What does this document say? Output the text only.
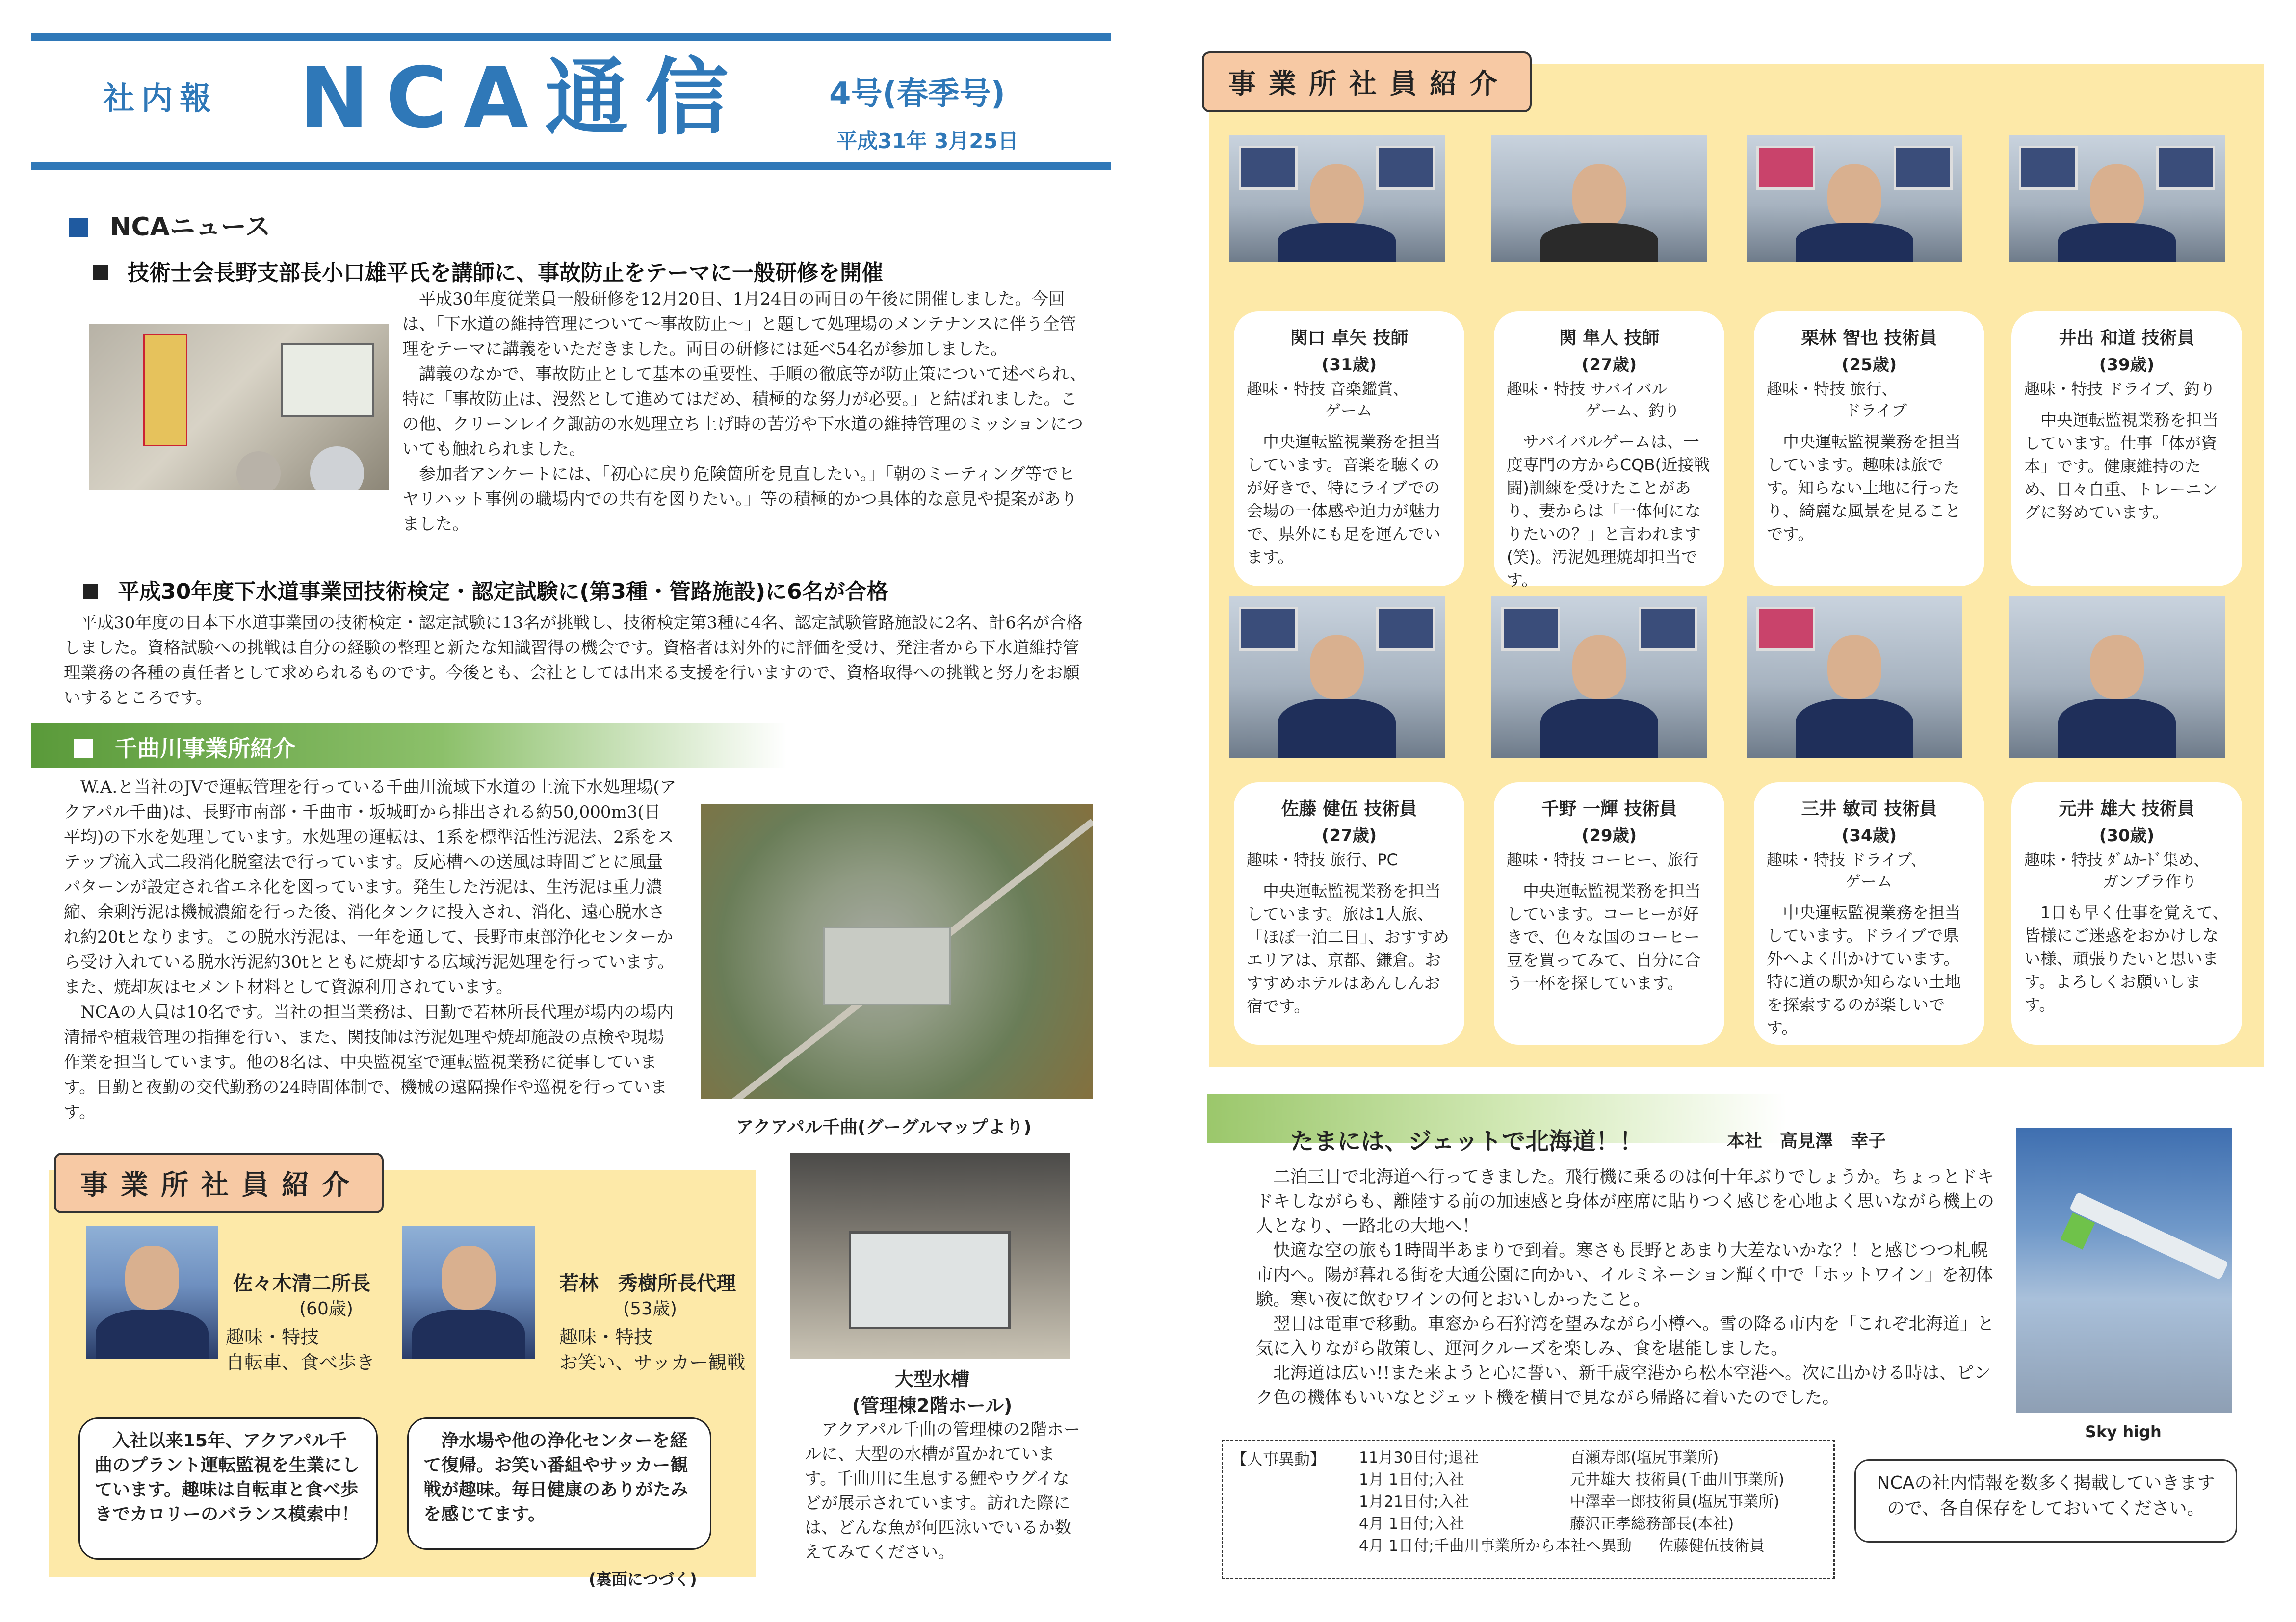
社内報 NCA通信	4号(春季号)
平成31年 3月25日
NCAニュース
技術士会長野支部長小口雄平氏を講師に、事故防止をテーマに一般研修を開催
　平成30年度従業員一般研修を12月20日、1月24日の両日の午後に開催しました。今回は、「下水道の維持管理について〜事故防止〜」と題して処理場のメンテナンスに伴う全管理をテーマに講義をいただきました。両日の研修には延べ54名が参加しました。
　講義のなかで、事故防止として基本の重要性、手順の徹底等が防止策について述べられ、特に「事故防止は、漫然として進めてはだめ、積極的な努力が必要。」と結ばれました。この他、クリーンレイク諏訪の水処理立ち上げ時の苦労や下水道の維持管理のミッションについても触れられました。
　参加者アンケートには、「初心に戻り危険箇所を見直したい。」「朝のミーティング等でヒヤリハット事例の職場内での共有を図りたい。」等の積極的かつ具体的な意見や提案がありました。
平成30年度下水道事業団技術検定・認定試験に(第3種・管路施設)に6名が合格
　平成30年度の日本下水道事業団の技術検定・認定試験に13名が挑戦し、技術検定第3種に4名、認定試験管路施設に2名、計6名が合格しました。資格試験への挑戦は自分の経験の整理と新たな知識習得の機会です。資格者は対外的に評価を受け、発注者から下水道維持管理業務の各種の責任者として求められるものです。今後とも、会社としては出来る支援を行いますので、資格取得への挑戦と努力をお願いするところです。
千曲川事業所紹介
　W.A.と当社のJVで運転管理を行っている千曲川流域下水道の上流下水処理場(アクアパル千曲)は、長野市南部・千曲市・坂城町から排出される約50,000m3(日平均)の下水を処理しています。水処理の運転は、1系を標準活性汚泥法、2系をステップ流入式二段消化脱窒法で行っています。反応槽への送風は時間ごとに風量パターンが設定され省エネ化を図っています。発生した汚泥は、生汚泥は重力濃縮、余剰汚泥は機械濃縮を行った後、消化タンクに投入され、消化、遠心脱水され約20tとなります。この脱水汚泥は、一年を通して、長野市東部浄化センターから受け入れている脱水汚泥約30tとともに焼却する広域汚泥処理を行っています。また、焼却灰はセメント材料として資源利用されています。
　NCAの人員は10名です。当社の担当業務は、日勤で若林所長代理が場内の場内清掃や植栽管理の指揮を行い、また、関技師は汚泥処理や焼却施設の点検や現場作業を担当しています。他の8名は、中央監視室で運転監視業務に従事しています。日勤と夜勤の交代勤務の24時間体制で、機械の遠隔操作や巡視を行っています。
アクアパル千曲(グーグルマップより)
事業所社員紹介
佐々木清二所長
(60歳)
趣味・特技
自転車、食べ歩き
若林　秀樹所長代理
(53歳)
趣味・特技
お笑い、サッカー観戦
　入社以来15年、アクアパル千曲のプラント運転監視を生業にしています。趣味は自転車と食べ歩きでカロリーのバランス模索中！
　浄水場や他の浄化センターを経て復帰。お笑い番組やサッカー観戦が趣味。毎日健康のありがたみを感じてます。
(裏面につづく)
大型水槽
(管理棟2階ホール)
　アクアパル千曲の管理棟の2階ホールに、大型の水槽が置かれています。千曲川に生息する鯉やウグイなどが展示されています。訪れた際には、どんな魚が何匹泳いでいるか数えてみてください。
事業所社員紹介
関口 卓矢 技師
(31歳)
趣味・特技 音楽鑑賞、
　　　　　ゲーム
　中央運転監視業務を担当しています。音楽を聴くのが好きで、特にライブでの会場の一体感や迫力が魅力で、県外にも足を運んでいます。
関 隼人 技師
(27歳)
趣味・特技 サバイバル
　　　　　ゲーム、釣り
　サバイバルゲームは、一度専門の方からCQB(近接戦闘)訓練を受けたことがあり、妻からは「一体何になりたいの？」と言われます(笑)。汚泥処理焼却担当です。
栗林 智也 技術員
(25歳)
趣味・特技 旅行、
　　　　　ドライブ
　中央運転監視業務を担当しています。趣味は旅です。知らない土地に行ったり、綺麗な風景を見ることです。
井出 和道 技術員
(39歳)
趣味・特技 ドライブ、釣り
　中央運転監視業務を担当しています。仕事「体が資本」です。健康維持のため、日々自重、トレーニングに努めています。
佐藤 健伍 技術員
(27歳)
趣味・特技 旅行、PC
　中央運転監視業務を担当しています。旅は1人旅、「ほぼ一泊二日」、おすすめエリアは、京都、鎌倉。おすすめホテルはあんしんお宿です。
千野 一輝 技術員
(29歳)
趣味・特技 コーヒー、旅行
　中央運転監視業務を担当しています。コーヒーが好きで、色々な国のコーヒー豆を買ってみて、自分に合う一杯を探しています。
三井 敏司 技術員
(34歳)
趣味・特技 ドライブ、
　　　　　ゲーム
　中央運転監視業務を担当しています。ドライブで県外へよく出かけています。特に道の駅か知らない土地を探索するのが楽しいです。
元井 雄大 技術員
(30歳)
趣味・特技 ﾀﾞﾑｶｰﾄﾞ集め、
　　　　　ガンプラ作り
　1日も早く仕事を覚えて、皆様にご迷惑をおかけしない様、頑張りたいと思います。よろしくお願いします。
たまには、ジェットで北海道！！	本社　高見澤　幸子
　二泊三日で北海道へ行ってきました。飛行機に乗るのは何十年ぶりでしょうか。ちょっとドキドキしながらも、離陸する前の加速感と身体が座席に貼りつく感じを心地よく思いながら機上の人となり、一路北の大地へ！
　快適な空の旅も1時間半あまりで到着。寒さも長野とあまり大差ないかな？！と感じつつ札幌市内へ。陽が暮れる街を大通公園に向かい、イルミネーション輝く中で「ホットワイン」を初体験。寒い夜に飲むワインの何とおいしかったこと。
　翌日は電車で移動。車窓から石狩湾を望みながら小樽へ。雪の降る市内を「これぞ北海道」と気に入りながら散策し、運河クルーズを楽しみ、食を堪能しました。
　北海道は広い!!また来ようと心に誓い、新千歳空港から松本空港へ。次に出かける時は、ピンク色の機体もいいなとジェット機を横目で見ながら帰路に着いたのでした。
Sky high
【人事異動】 11月30日付;退社	百瀬寿郎(塩尻事業所)
1月 1日付;入社	元井雄大 技術員(千曲川事業所)
1月21日付;入社	中澤幸一郎技術員(塩尻事業所)
4月 1日付;入社	藤沢正孝総務部長(本社)
4月 1日付;千曲川事業所から本社へ異動 佐藤健伍技術員
NCAの社内情報を数多く掲載していきますので、各自保存をしておいてください。
